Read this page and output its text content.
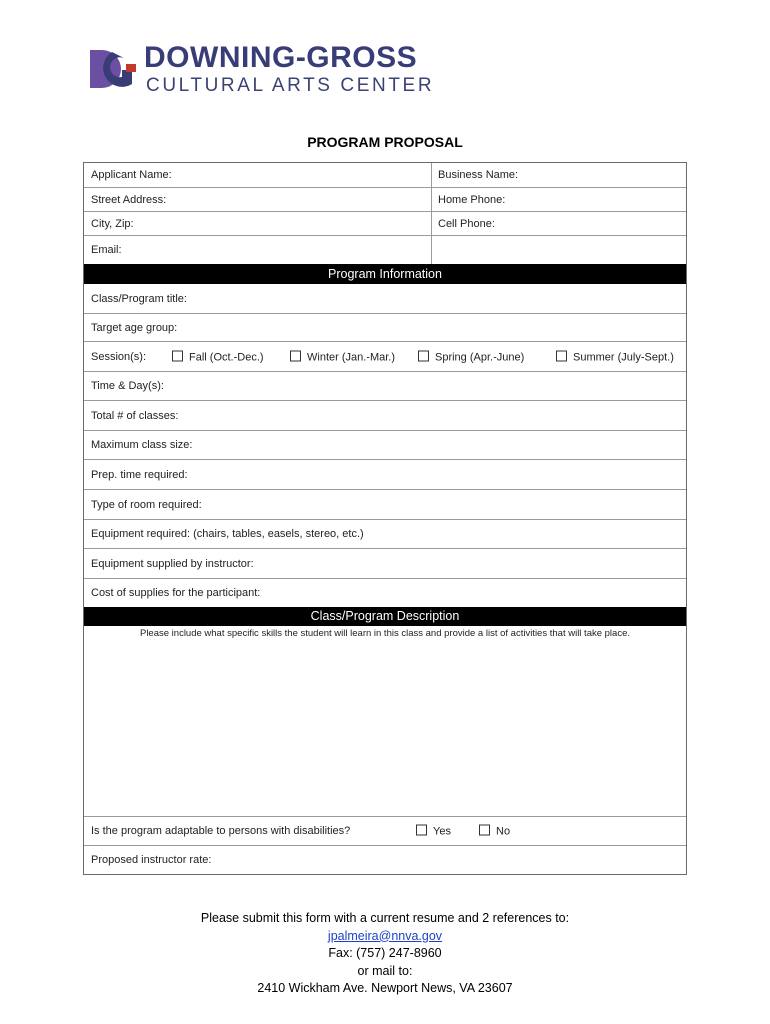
DOWNING-GROSS
CULTURAL ARTS CENTER
PROGRAM PROPOSAL
Applicant Name:	Business Name:
Street Address:	Home Phone:
City, Zip:	Cell Phone:
Email:
Program Information
Class/Program title:
Target age group:
Session(s):	Fall (Oct.-Dec.)	Winter (Jan.-Mar.)	Spring (Apr.-June)	Summer (July-Sept.)
Time & Day(s):
Total # of classes:
Maximum class size:
Prep. time required:
Type of room required:
Equipment required: (chairs, tables, easels, stereo, etc.)
Equipment supplied by instructor:
Cost of supplies for the participant:
Class/Program Description
Please include what specific skills the student will learn in this class and provide a list of activities that will take place.
Is the program adaptable to persons with disabilities?	Yes	No
Proposed instructor rate:
Please submit this form with a current resume and 2 references to:
jpalmeira@nnva.gov
Fax: (757) 247-8960
or mail to:
2410 Wickham Ave. Newport News, VA 23607
